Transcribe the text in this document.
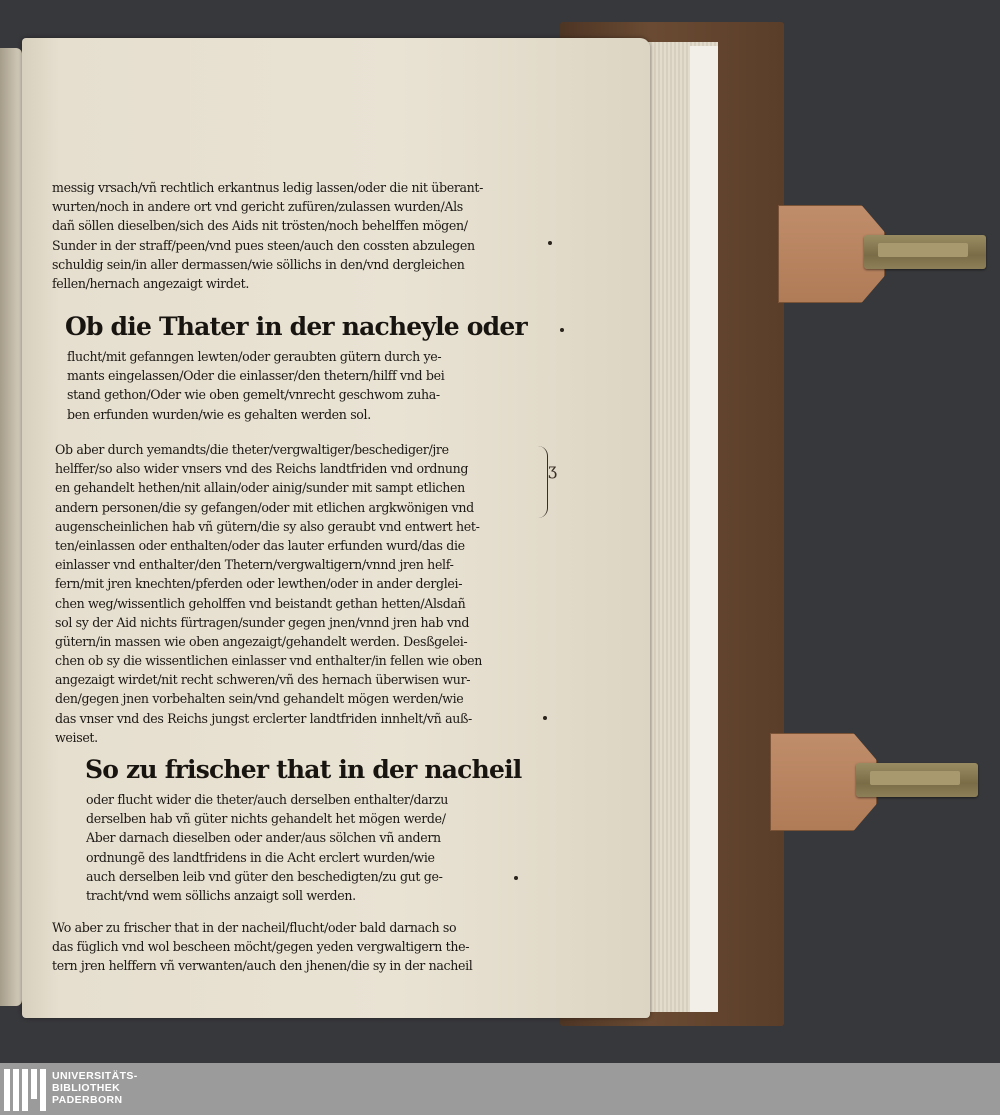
messig vrsach/vñ rechtlich erkantnus ledig lassen/oder die nit überant-
wurten/noch in andere ort vnd gericht zufüren/zulassen wurden/Als
dañ söllen dieselben/sich des Aids nit trösten/noch behelffen mögen/
Sunder in der straff/peen/vnd pues steen/auch den cossten abzulegen
schuldig sein/in aller dermassen/wie söllichs in den/vnd dergleichen
fellen/hernach angezaigt wirdet.
Ob die Thater in der nacheyle oder
flucht/mit gefanngen lewten/oder geraubten gütern durch ye-
mants eingelassen/Oder die einlasser/den thetern/hilff vnd bei
stand gethon/Oder wie oben gemelt/vnrecht geschwom zuha-
ben erfunden wurden/wie es gehalten werden sol.
Ob aber durch yemandts/die theter/vergwaltiger/beschediger/jre
helffer/so also wider vnsers vnd des Reichs landtfriden vnd ordnung
en gehandelt hethen/nit allain/oder ainig/sunder mit sampt etlichen
andern personen/die sy gefangen/oder mit etlichen argkwönigen vnd
augenscheinlichen hab vñ gütern/die sy also geraubt vnd entwert het-
ten/einlassen oder enthalten/oder das lauter erfunden wurd/das die
einlasser vnd enthalter/den Thetern/vergwaltigern/vnnd jren helf-
fern/mit jren knechten/pferden oder lewthen/oder in ander derglei-
chen weg/wissentlich geholffen vnd beistandt gethan hetten/Alsdañ
sol sy der Aid nichts fürtragen/sunder gegen jnen/vnnd jren hab vnd
gütern/in massen wie oben angezaigt/gehandelt werden. Desßgelei-
chen ob sy die wissentlichen einlasser vnd enthalter/in fellen wie oben
angezaigt wirdet/nit recht schweren/vñ des hernach überwisen wur-
den/gegen jnen vorbehalten sein/vnd gehandelt mögen werden/wie
das vnser vnd des Reichs jungst erclerter landtfriden innhelt/vñ auß-
weiset.
ʒ
So zu frischer that in der nacheil
oder flucht wider die theter/auch derselben enthalter/darzu
derselben hab vñ güter nichts gehandelt het mögen werde/
Aber darnach dieselben oder ander/aus sölchen vñ andern
ordnungẽ des landtfridens in die Acht erclert wurden/wie
auch derselben leib vnd güter den beschedigten/zu gut ge-
tracht/vnd wem söllichs anzaigt soll werden.
Wo aber zu frischer that in der nacheil/flucht/oder bald darnach so
das füglich vnd wol bescheen möcht/gegen yeden vergwaltigern the-
tern jren helffern vñ verwanten/auch den jhenen/die sy in der nacheil
UNIVERSITÄTS-
BIBLIOTHEK
PADERBORN
